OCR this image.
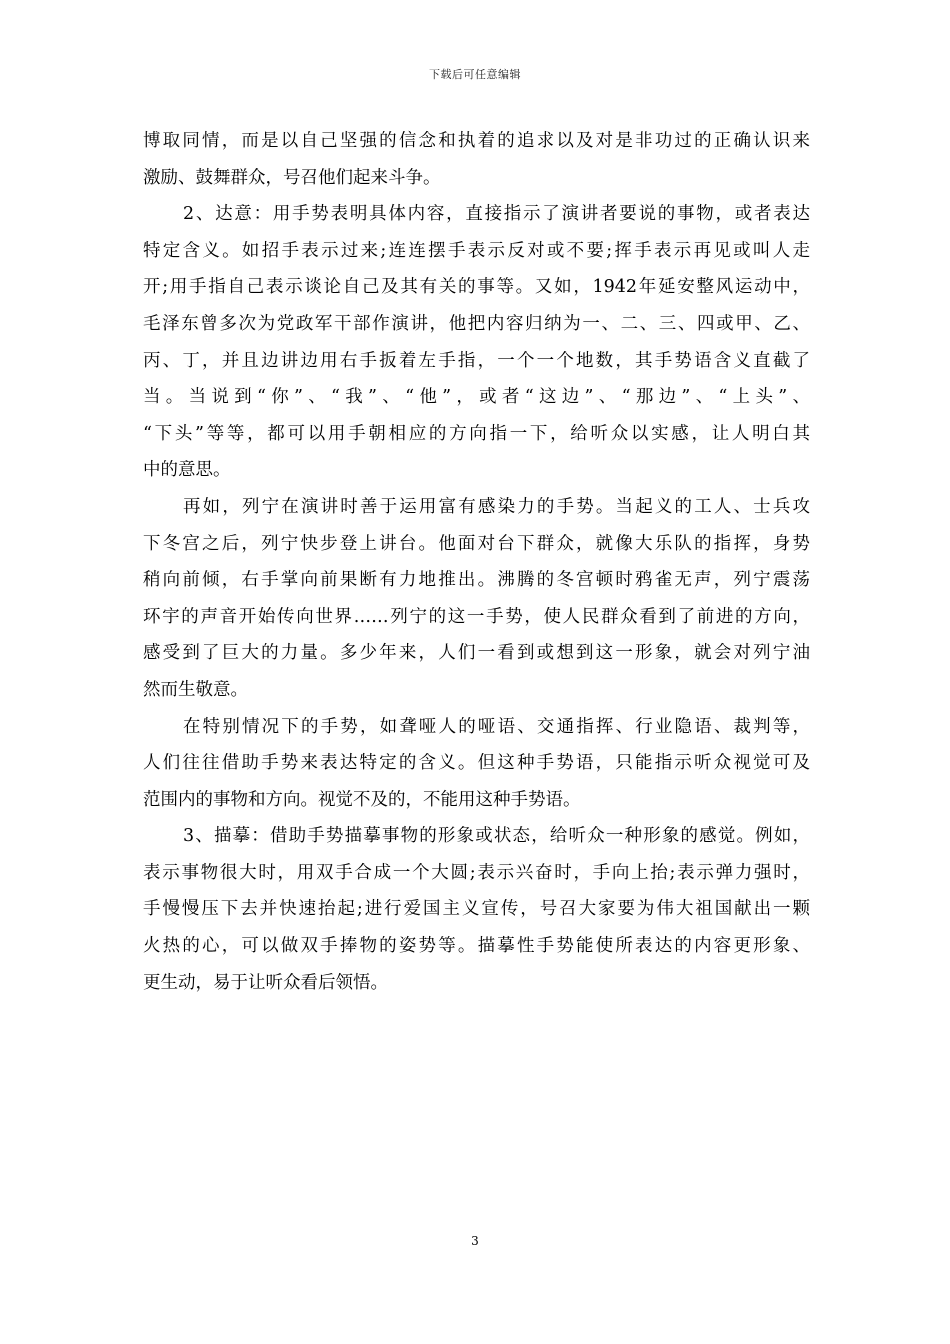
下载后可任意编辑
博取同情，而是以自己坚强的信念和执着的追求以及对是非功过的正确认识来
激励、鼓舞群众，号召他们起来斗争。
2、达意：用手势表明具体内容，直接指示了演讲者要说的事物，或者表达
特定含义。如招手表示过来;连连摆手表示反对或不要;挥手表示再见或叫人走
开;用手指自己表示谈论自己及其有关的事等。又如，1942年延安整风运动中，
毛泽东曾多次为党政军干部作演讲，他把内容归纳为一、二、三、四或甲、乙、
丙、丁，并且边讲边用右手扳着左手指，一个一个地数，其手势语含义直截了
当。当说到“你”、“我”、“他”，或者“这边”、“那边”、“上头”、
“下头”等等，都可以用手朝相应的方向指一下，给听众以实感，让人明白其
中的意思。
再如，列宁在演讲时善于运用富有感染力的手势。当起义的工人、士兵攻
下冬宫之后，列宁快步登上讲台。他面对台下群众，就像大乐队的指挥，身势
稍向前倾，右手掌向前果断有力地推出。沸腾的冬宫顿时鸦雀无声，列宁震荡
环宇的声音开始传向世界……列宁的这一手势，使人民群众看到了前进的方向，
感受到了巨大的力量。多少年来，人们一看到或想到这一形象，就会对列宁油
然而生敬意。
在特别情况下的手势，如聋哑人的哑语、交通指挥、行业隐语、裁判等，
人们往往借助手势来表达特定的含义。但这种手势语，只能指示听众视觉可及
范围内的事物和方向。视觉不及的，不能用这种手势语。
3、描摹：借助手势描摹事物的形象或状态，给听众一种形象的感觉。例如，
表示事物很大时，用双手合成一个大圆;表示兴奋时，手向上抬;表示弹力强时，
手慢慢压下去并快速抬起;进行爱国主义宣传，号召大家要为伟大祖国献出一颗
火热的心，可以做双手捧物的姿势等。描摹性手势能使所表达的内容更形象、
更生动，易于让听众看后领悟。
3
